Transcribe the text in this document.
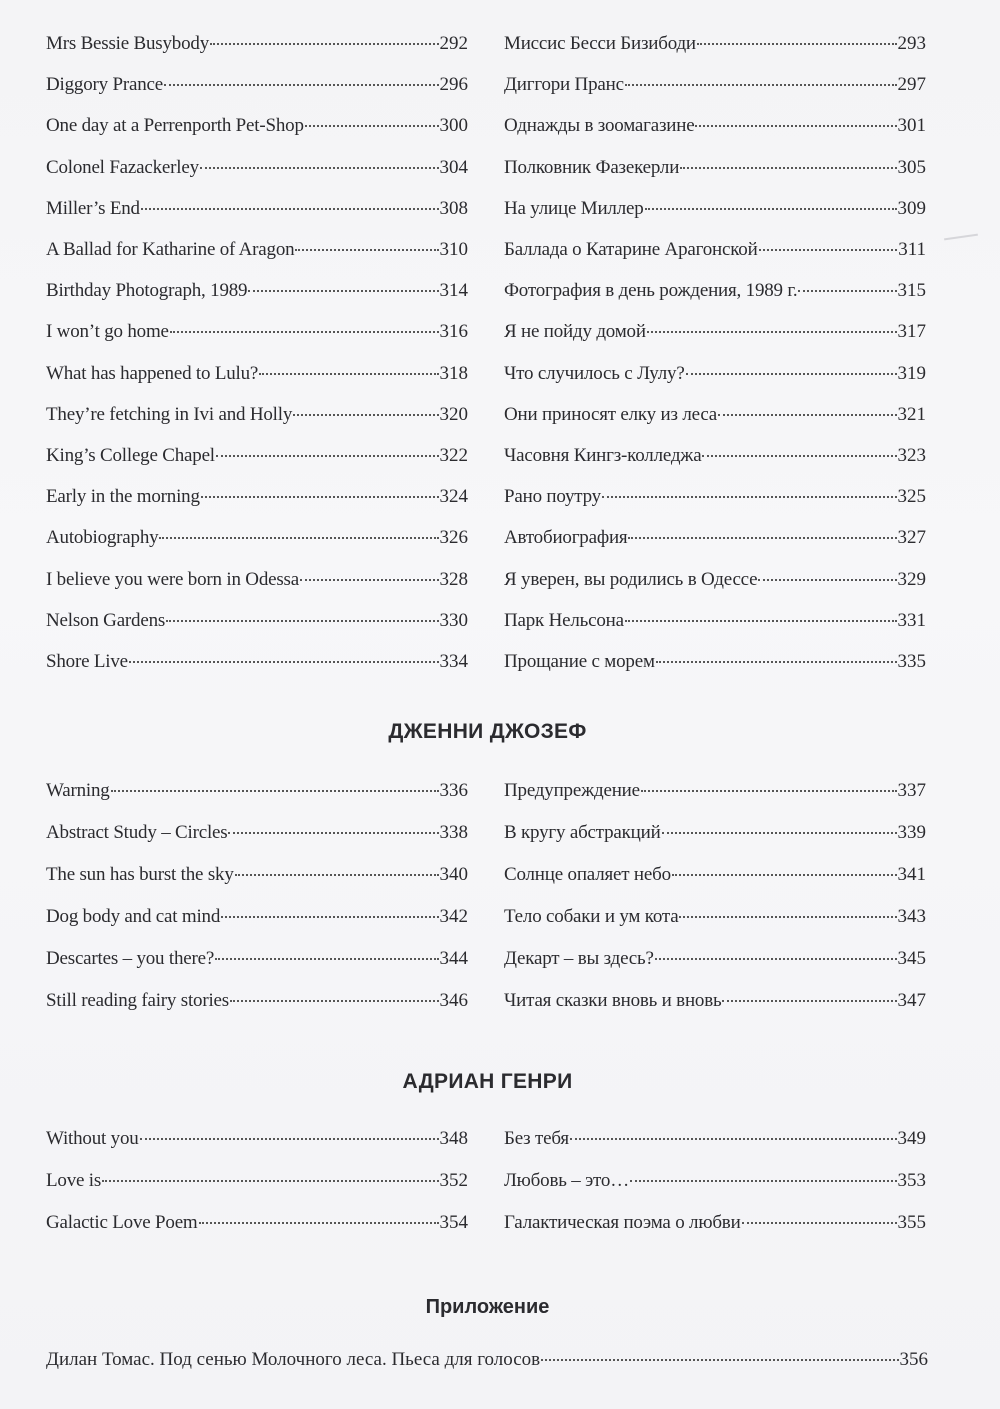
Mrs Bessie Busybody	292
Diggory Prance	296
One day at a Perrenporth Pet-Shop	300
Colonel Fazackerley	304
Miller’s End	308
A Ballad for Katharine of Aragon	310
Birthday Photograph, 1989	314
I won’t go home	316
What has happened to Lulu?	318
They’re fetching in Ivi and Holly	320
King’s College Chapel	322
Early in the morning	324
Autobiography	326
I believe you were born in Odessa	328
Nelson Gardens	330
Shore Live	334
Миссис Бесси Бизибоди	293
Диггори Пранс	297
Однажды в зоомагазине	301
Полковник Фазекерли	305
На улице Миллер	309
Баллада о Катарине Арагонской	311
Фотография в день рождения, 1989 г.	315
Я не пойду домой	317
Что случилось с Лулу?	319
Они приносят елку из леса	321
Часовня Кингз-колледжа	323
Рано поутру	325
Автобиография	327
Я уверен, вы родились в Одессе	329
Парк Нельсона	331
Прощание с морем	335
ДЖЕННИ ДЖОЗЕФ
Warning	336
Abstract Study – Circles	338
The sun has burst the sky	340
Dog body and cat mind	342
Descartes – you there?	344
Still reading fairy stories	346
Предупреждение	337
В кругу абстракций	339
Солнце опаляет небо	341
Тело собаки и ум кота	343
Декарт – вы здесь?	345
Читая сказки вновь и вновь	347
АДРИАН ГЕНРИ
Without you	348
Love is	352
Galactic Love Poem	354
Без тебя	349
Любовь – это…	353
Галактическая поэма о любви	355
Приложение
Дилан Томас. Под сенью Молочного леса. Пьеса для голосов	356
